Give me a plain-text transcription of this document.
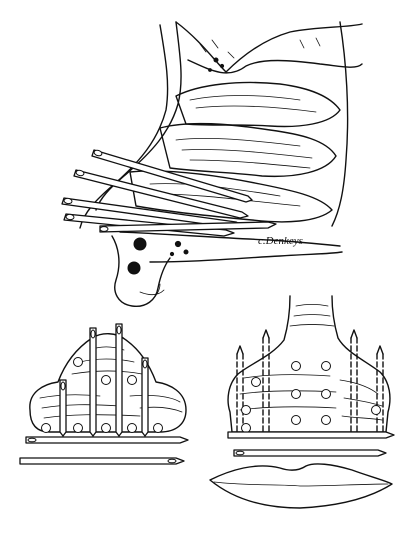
c.Denkeys
